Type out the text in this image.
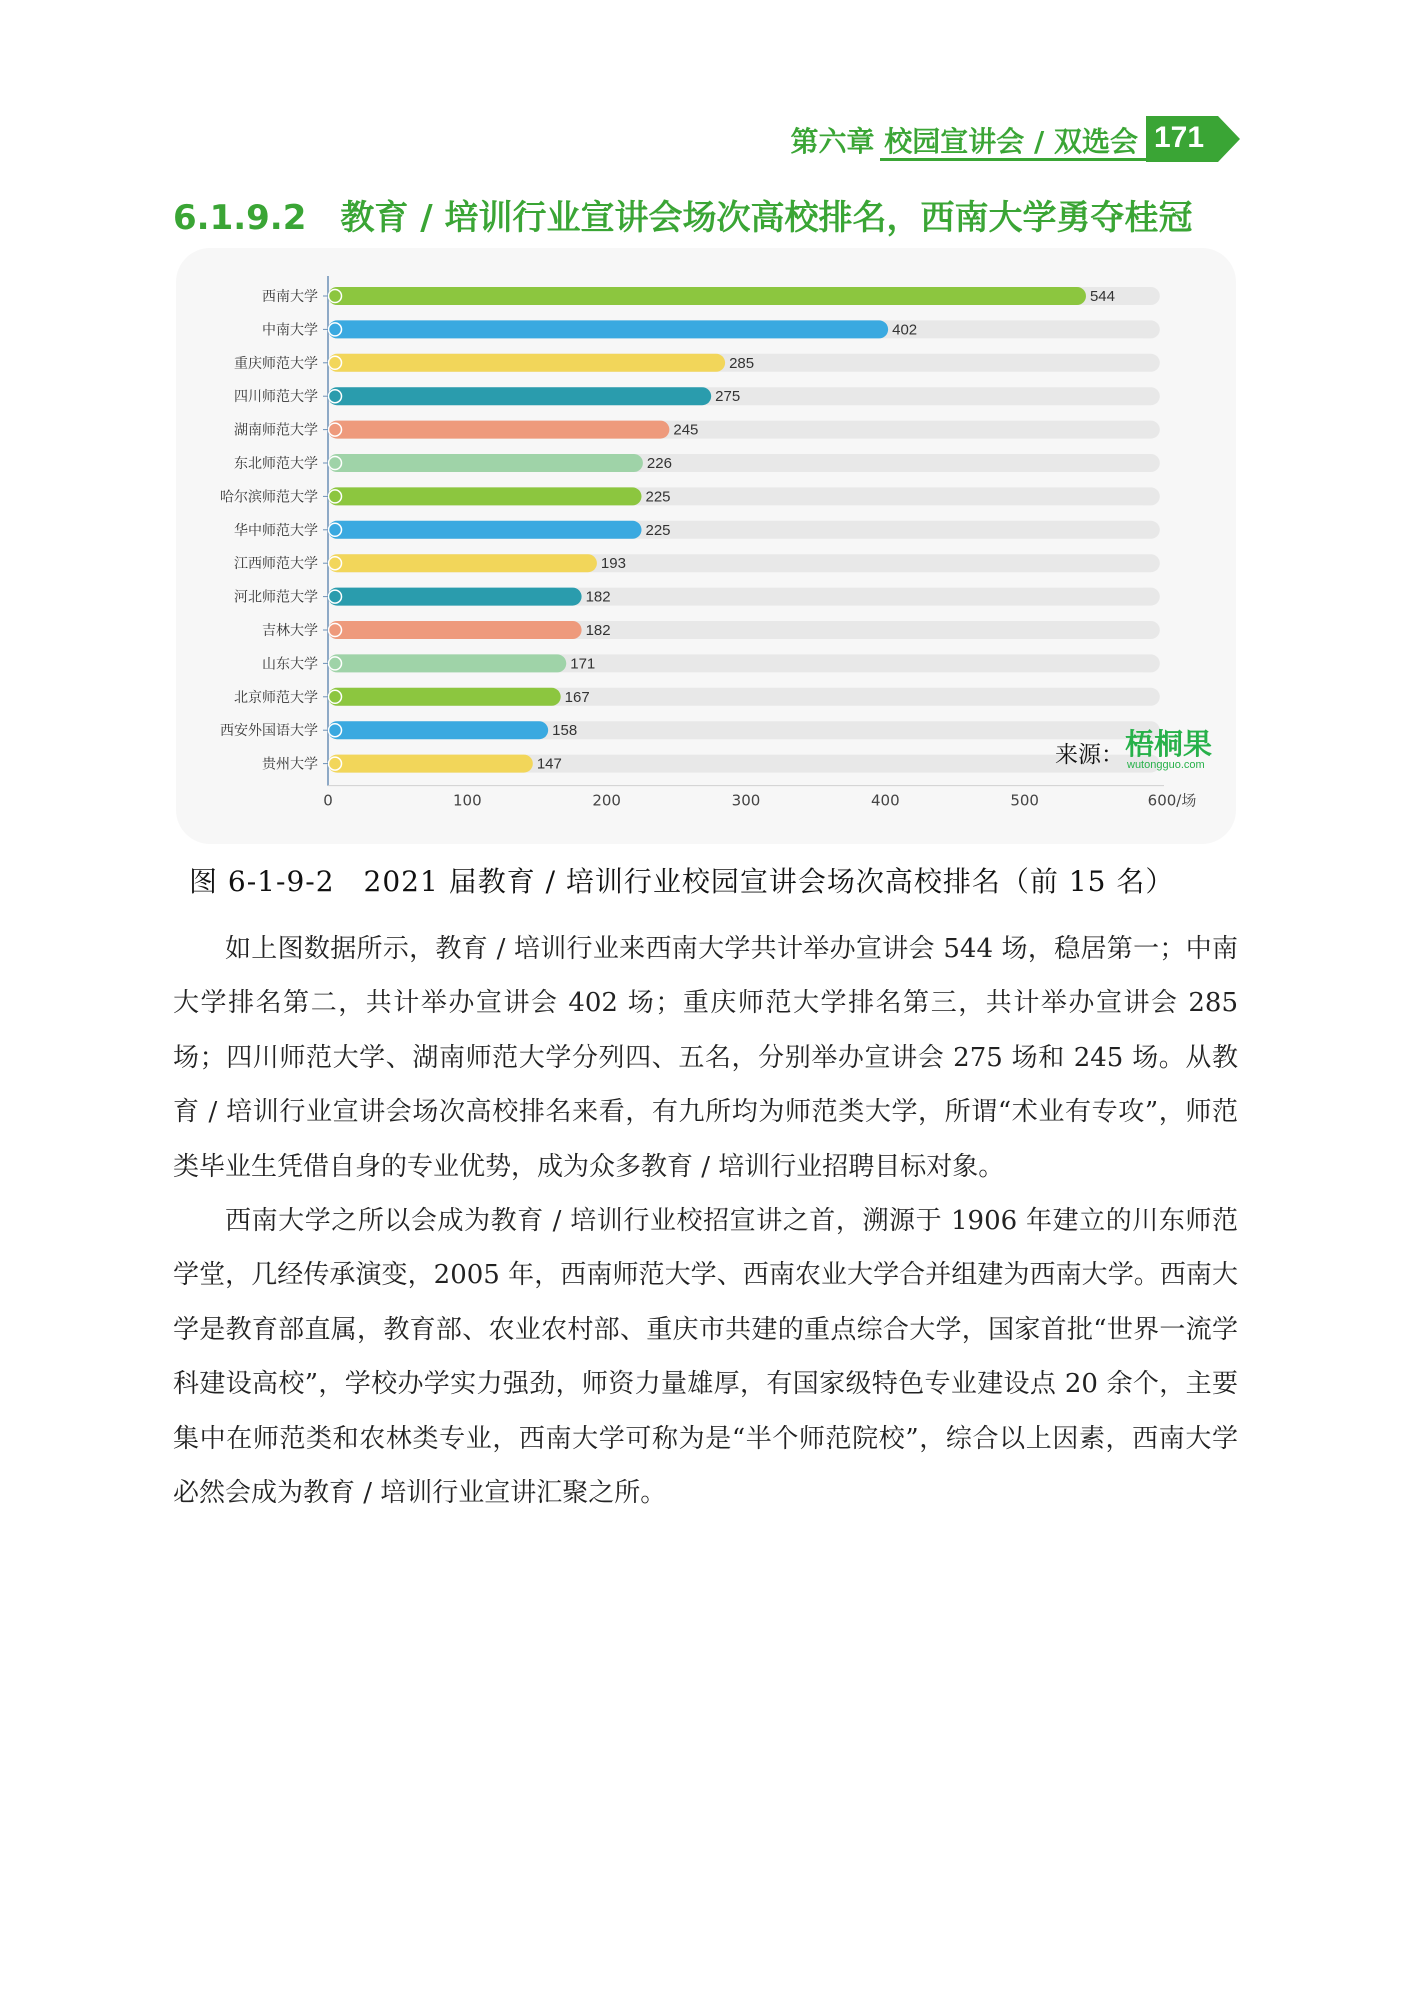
第六章 校园宣讲会 / 双选会 171
6.1.9.2　教育 / 培训行业宣讲会场次高校排名，西南大学勇夺桂冠
西南大学	544
中南大学	402
重庆师范大学	285
四川师范大学	275
湖南师范大学	245
东北师范大学	226
哈尔滨师范大学	225
华中师范大学	225
江西师范大学	193
河北师范大学	182
吉林大学	182
山东大学	171
北京师范大学	167
西安外国语大学	158
贵州大学	147
0	100	200	300	400	500	600/场
来源： 梧桐果
wutongguo.com
图 6-1-9-2　2021 届教育 / 培训行业校园宣讲会场次高校排名（前 15 名）

如上图数据所示，教育 / 培训行业来西南大学共计举办宣讲会 544 场，稳居第一；中南大学排名第二，共计举办宣讲会 402 场；重庆师范大学排名第三，共计举办宣讲会 285 场；四川师范大学、湖南师范大学分列四、五名，分别举办宣讲会 275 场和 245 场。从教育 / 培训行业宣讲会场次高校排名来看，有九所均为师范类大学，所谓“术业有专攻”，师范类毕业生凭借自身的专业优势，成为众多教育 / 培训行业招聘目标对象。

西南大学之所以会成为教育 / 培训行业校招宣讲之首，溯源于 1906 年建立的川东师范学堂，几经传承演变，2005 年，西南师范大学、西南农业大学合并组建为西南大学。西南大学是教育部直属，教育部、农业农村部、重庆市共建的重点综合大学，国家首批“世界一流学科建设高校”，学校办学实力强劲，师资力量雄厚，有国家级特色专业建设点 20 余个，主要集中在师范类和农林类专业，西南大学可称为是“半个师范院校”，综合以上因素，西南大学必然会成为教育 / 培训行业宣讲汇聚之所。
